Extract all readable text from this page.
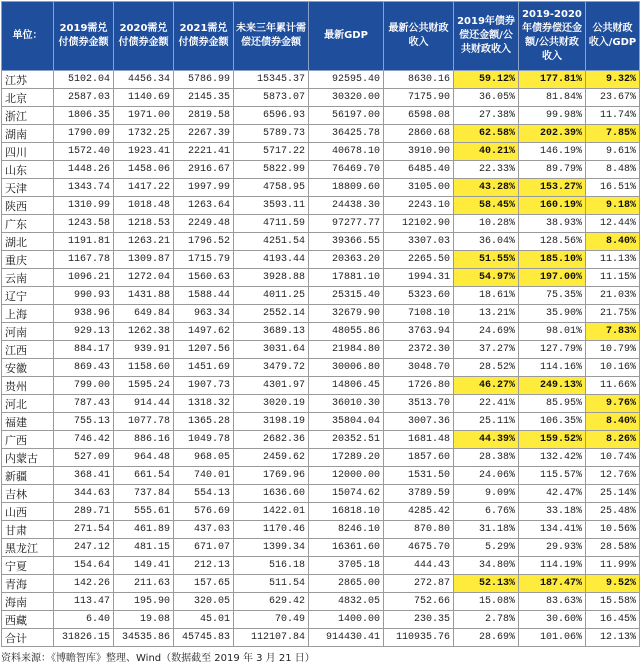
单位：	2019需兑付债券金额	2020需兑付债券金额	2021需兑付债券金额	未来三年累计需偿还债券金额	最新GDP	最新公共财政收入	2019年债券偿还金额/公共财政收入	2019-2020年债券偿还金额/公共财政收入	公共财政收入/GDP
江苏	5102.04	4456.34	5786.99	15345.37	92595.40	8630.16	59.12%	177.81%	9.32%
北京	2587.03	1140.69	2145.35	5873.07	30320.00	7175.90	36.05%	81.84%	23.67%
浙江	1806.35	1971.00	2819.58	6596.93	56197.00	6598.08	27.38%	99.98%	11.74%
湖南	1790.09	1732.25	2267.39	5789.73	36425.78	2860.68	62.58%	202.39%	7.85%
四川	1572.40	1923.41	2221.41	5717.22	40678.10	3910.90	40.21%	146.19%	9.61%
山东	1448.26	1458.06	2916.67	5822.99	76469.70	6485.40	22.33%	89.79%	8.48%
天津	1343.74	1417.22	1997.99	4758.95	18809.60	3105.00	43.28%	153.27%	16.51%
陕西	1310.99	1018.48	1263.64	3593.11	24438.30	2243.10	58.45%	160.19%	9.18%
广东	1243.58	1218.53	2249.48	4711.59	97277.77	12102.90	10.28%	38.93%	12.44%
湖北	1191.81	1263.21	1796.52	4251.54	39366.55	3307.03	36.04%	128.56%	8.40%
重庆	1167.78	1309.87	1715.79	4193.44	20363.20	2265.50	51.55%	185.10%	11.13%
云南	1096.21	1272.04	1560.63	3928.88	17881.10	1994.31	54.97%	197.00%	11.15%
辽宁	990.93	1431.88	1588.44	4011.25	25315.40	5323.60	18.61%	75.35%	21.03%
上海	938.96	649.84	963.34	2552.14	32679.90	7108.10	13.21%	35.90%	21.75%
河南	929.13	1262.38	1497.62	3689.13	48055.86	3763.94	24.69%	98.01%	7.83%
江西	884.17	939.91	1207.56	3031.64	21984.80	2372.30	37.27%	127.79%	10.79%
安徽	869.43	1158.60	1451.69	3479.72	30006.80	3048.70	28.52%	114.16%	10.16%
贵州	799.00	1595.24	1907.73	4301.97	14806.45	1726.80	46.27%	249.13%	11.66%
河北	787.43	914.44	1318.32	3020.19	36010.30	3513.70	22.41%	85.95%	9.76%
福建	755.13	1077.78	1365.28	3198.19	35804.04	3007.36	25.11%	106.35%	8.40%
广西	746.42	886.16	1049.78	2682.36	20352.51	1681.48	44.39%	159.52%	8.26%
内蒙古	527.09	964.48	968.05	2459.62	17289.20	1857.60	28.38%	132.42%	10.74%
新疆	368.41	661.54	740.01	1769.96	12000.00	1531.50	24.06%	115.57%	12.76%
吉林	344.63	737.84	554.13	1636.60	15074.62	3789.59	9.09%	42.47%	25.14%
山西	289.71	555.61	576.69	1422.01	16818.10	4285.42	6.76%	33.18%	25.48%
甘肃	271.54	461.89	437.03	1170.46	8246.10	870.80	31.18%	134.41%	10.56%
黑龙江	247.12	481.15	671.07	1399.34	16361.60	4675.70	5.29%	29.93%	28.58%
宁夏	154.64	149.41	212.13	516.18	3705.18	444.43	34.80%	114.19%	11.99%
青海	142.26	211.63	157.65	511.54	2865.00	272.87	52.13%	187.47%	9.52%
海南	113.47	195.90	320.05	629.42	4832.05	752.66	15.08%	83.63%	15.58%
西藏	6.40	19.08	45.01	70.49	1400.00	230.35	2.78%	30.60%	16.45%
合计	31826.15	34535.86	45745.83	112107.84	914430.41	110935.76	28.69%	101.06%	12.13%
资料来源：《博瞻智库》整理、Wind（数据截至 2019 年 3 月 21 日）
